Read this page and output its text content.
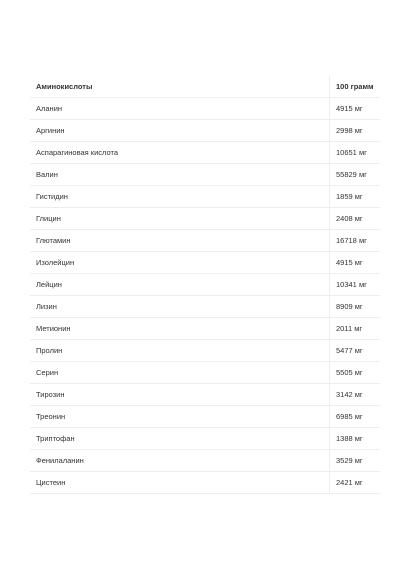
Аминокислоты	100 грамм
Аланин	4915 мг
Аргинин	2998 мг
Аспарагиновая кислота	10651 мг
Валин	55829 мг
Гистидин	1859 мг
Глицин	2408 мг
Глютамин	16718 мг
Изолейцин	4915 мг
Лейцин	10341 мг
Лизин	8909 мг
Метионин	2011 мг
Пролин	5477 мг
Серин	5505 мг
Тирозин	3142 мг
Треонин	6985 мг
Триптофан	1388 мг
Фенилаланин	3529 мг
Цистеин	2421 мг
